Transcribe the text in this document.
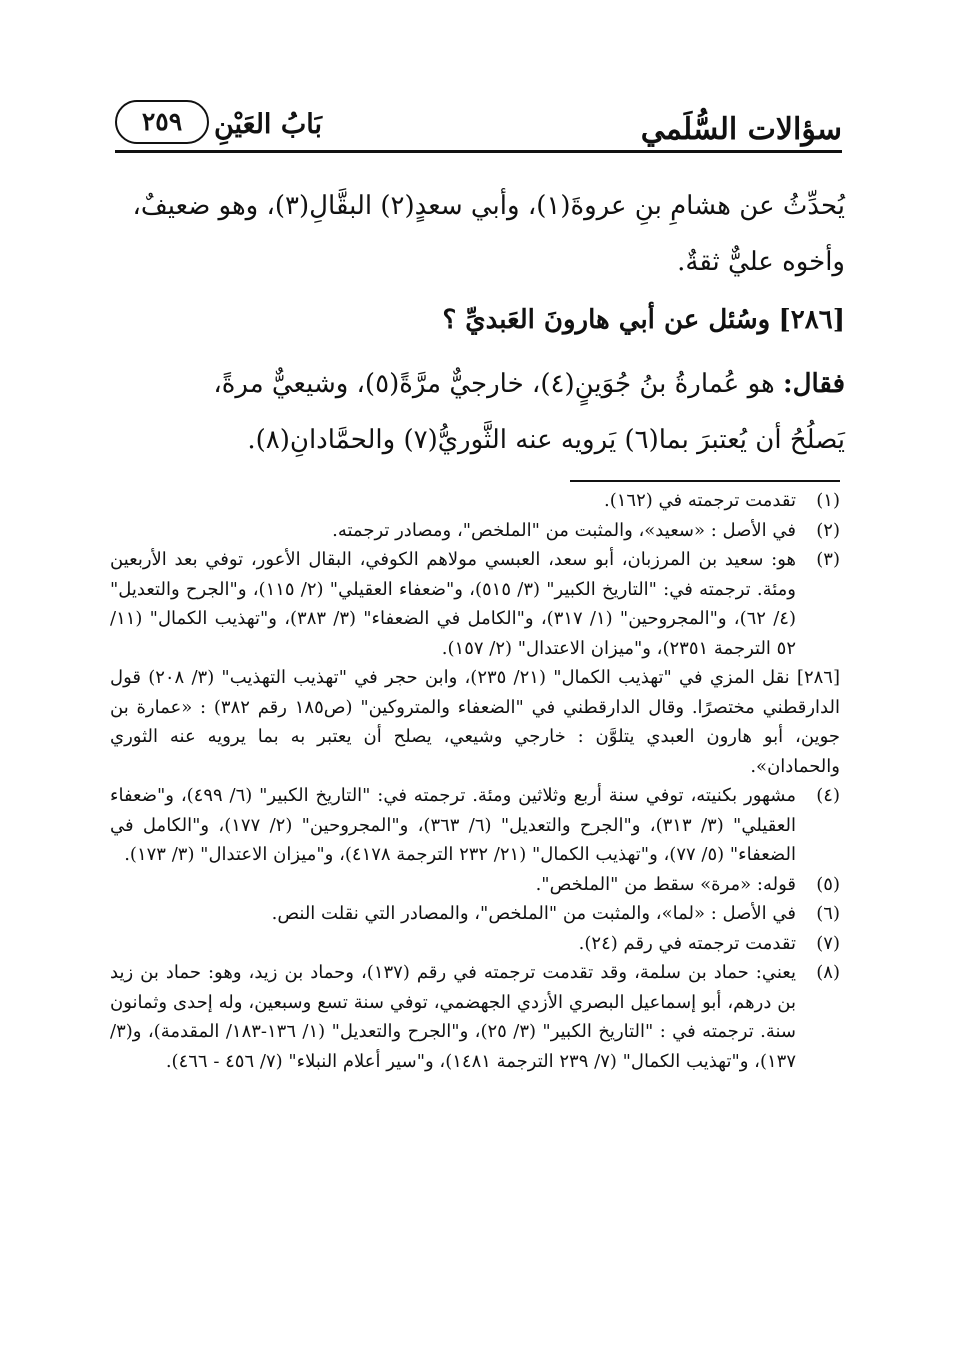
سؤالات السُّلَمي
بَابُ العَيْنِ
٢٥٩

يُحدِّثُ عن هشامِ بنِ عروةَ(١)، وأبي سعدٍ(٢) البقَّالِ(٣)، وهو ضعيفٌ،

وأخوه عليٌّ ثقةٌ.

[٢٨٦] وسُئل عن أبي هارونَ العَبديِّ ؟

فقال: هو عُمارةُ بنُ جُوَينٍ(٤)، خارجيٌّ مرَّةً(٥)، وشيعيٌّ مرةً،

يَصلُحُ أن يُعتبرَ بما(٦) يَرويه عنه الثَّوريُّ(٧) والحمَّادانِ(٨).

(١)
تقدمت ترجمته في (١٦٢).

(٢)
في الأصل : «سعيد»، والمثبت من "الملخص"، ومصادر ترجمته.

(٣)
هو: سعيد بن المرزبان، أبو سعد، العبسي مولاهم الكوفي، البقال الأعور، توفي بعد الأربعين ومئة. ترجمته في: "التاريخ الكبير" (٣/ ٥١٥)، و"ضعفاء العقيلي" (٢/ ١١٥)، و"الجرح والتعديل" (٤/ ٦٢)، و"المجروحين" (١/ ٣١٧)، و"الكامل في الضعفاء" (٣/ ٣٨٣)، و"تهذيب الكمال" (١١/ ٥٢ الترجمة ٢٣٥١)، و"ميزان الاعتدال" (٢/ ١٥٧).

[٢٨٦] نقل المزي في "تهذيب الكمال" (٢١/ ٢٣٥)، وابن حجر في "تهذيب التهذيب" (٣/ ٢٠٨) قول الدارقطني مختصرًا. وقال الدارقطني في "الضعفاء والمتروكين" (ص١٨٥ رقم ٣٨٢) : «عمارة بن جوين، أبو هارون العبدي يتلوَّن : خارجي وشيعي، يصلح أن يعتبر به بما يرويه عنه الثوري والحمادان».

(٤)
مشهور بكنيته، توفي سنة أربع وثلاثين ومئة. ترجمته في: "التاريخ الكبير" (٦/ ٤٩٩)، و"ضعفاء العقيلي" (٣/ ٣١٣)، و"الجرح والتعديل" (٦/ ٣٦٣)، و"المجروحين" (٢/ ١٧٧)، و"الكامل في الضعفاء" (٥/ ٧٧)، و"تهذيب الكمال" (٢١/ ٢٣٢ الترجمة ٤١٧٨)، و"ميزان الاعتدال" (٣/ ١٧٣).

(٥)
قوله: «مرة» سقط من "الملخص".

(٦)
في الأصل : «لما»، والمثبت من "الملخص"، والمصادر التي نقلت النص.

(٧)
تقدمت ترجمته في رقم (٢٤).

(٨)
يعني: حماد بن سلمة، وقد تقدمت ترجمته في رقم (١٣٧)، وحماد بن زيد، وهو: حماد بن زيد بن درهم، أبو إسماعيل البصري الأزدي الجهضمي، توفي سنة تسع وسبعين، وله إحدى وثمانون سنة. ترجمته في : "التاريخ الكبير" (٣/ ٢٥)، و"الجرح والتعديل" (١/ ١٣٦-١٨٣/ المقدمة)، و(٣/ ١٣٧)، و"تهذيب الكمال" (٧/ ٢٣٩ الترجمة ١٤٨١)، و"سير أعلام النبلاء" (٧/ ٤٥٦ - ٤٦٦).
